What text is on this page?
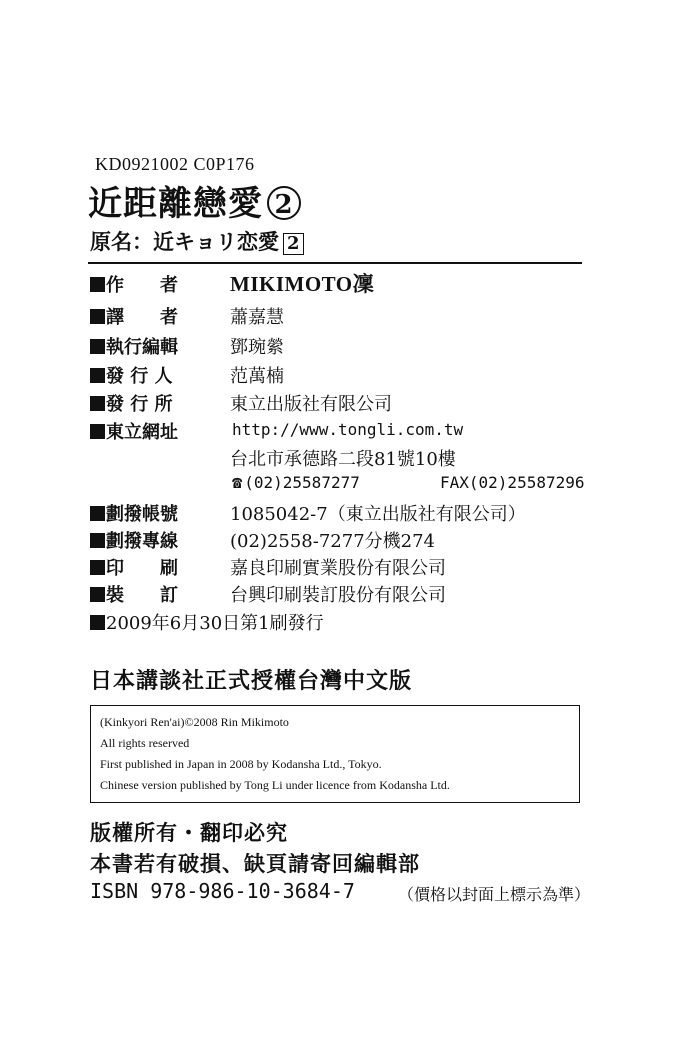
KD0921002 C0P176
近距離戀愛 2
原名：近キョリ恋愛 2
作　　者 MIKIMOTO凜
譯　　者	蕭嘉慧
執行編輯	鄧琬縈
發 行 人	范萬楠
發 行 所	東立出版社有限公司
東立網址	http://www.tongli.com.tw
台北市承德路二段81號10樓
☎ (02)25587277	FAX(02)25587296
劃撥帳號	1085042-7（東立出版社有限公司）
劃撥專線	(02)2558-7277分機274
印　　刷	嘉良印刷實業股份有限公司
裝　　訂	台興印刷裝訂股份有限公司
2009年6月30日第1刷發行
日本講談社正式授權台灣中文版
(Kinkyori Ren'ai)©2008 Rin Mikimoto
All rights reserved
First published in Japan in 2008 by Kodansha Ltd., Tokyo.
Chinese version published by Tong Li under licence from Kodansha Ltd.
版權所有・翻印必究
本書若有破損、缺頁請寄回編輯部
ISBN 978-986-10-3684-7	（價格以封面上標示為準）
